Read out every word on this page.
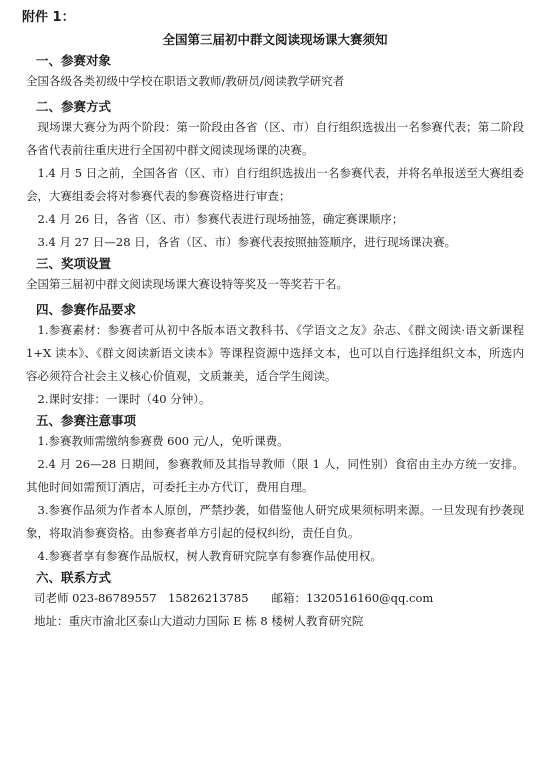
附件 1：
全国第三届初中群文阅读现场课大赛须知
一、参赛对象
全国各级各类初级中学校在职语文教师/教研员/阅读教学研究者
二、参赛方式
现场课大赛分为两个阶段：第一阶段由各省（区、市）自行组织选拔出一名参赛代表；第二阶段各省代表前往重庆进行全国初中群文阅读现场课的决赛。
1.4 月 5 日之前，全国各省（区、市）自行组织选拔出一名参赛代表，并将名单报送至大赛组委会，大赛组委会将对参赛代表的参赛资格进行审查；
2.4 月 26 日，各省（区、市）参赛代表进行现场抽签，确定赛课顺序；
3.4 月 27 日—28 日，各省（区、市）参赛代表按照抽签顺序，进行现场课决赛。
三、奖项设置
全国第三届初中群文阅读现场课大赛设特等奖及一等奖若干名。
四、参赛作品要求
1.参赛素材：参赛者可从初中各版本语文教科书、《学语文之友》杂志、《群文阅读·语文新课程 1+X 读本》、《群文阅读新语文读本》等课程资源中选择文本，也可以自行选择组织文本，所选内容必须符合社会主义核心价值观，文质兼美，适合学生阅读。
2.课时安排：一课时（40 分钟）。
五、参赛注意事项
1.参赛教师需缴纳参赛费 600 元/人，免听课费。
2.4 月 26—28 日期间，参赛教师及其指导教师（限 1 人，同性别）食宿由主办方统一安排。其他时间如需预订酒店，可委托主办方代订，费用自理。
3.参赛作品须为作者本人原创，严禁抄袭，如借鉴他人研究成果须标明来源。一旦发现有抄袭现象，将取消参赛资格。由参赛者单方引起的侵权纠纷，责任自负。
4.参赛者享有参赛作品版权，树人教育研究院享有参赛作品使用权。
六、联系方式
司老师 023-86789557　15826213785　　邮箱：1320516160@qq.com
地址：重庆市渝北区泰山大道动力国际 E 栋 8 楼树人教育研究院
